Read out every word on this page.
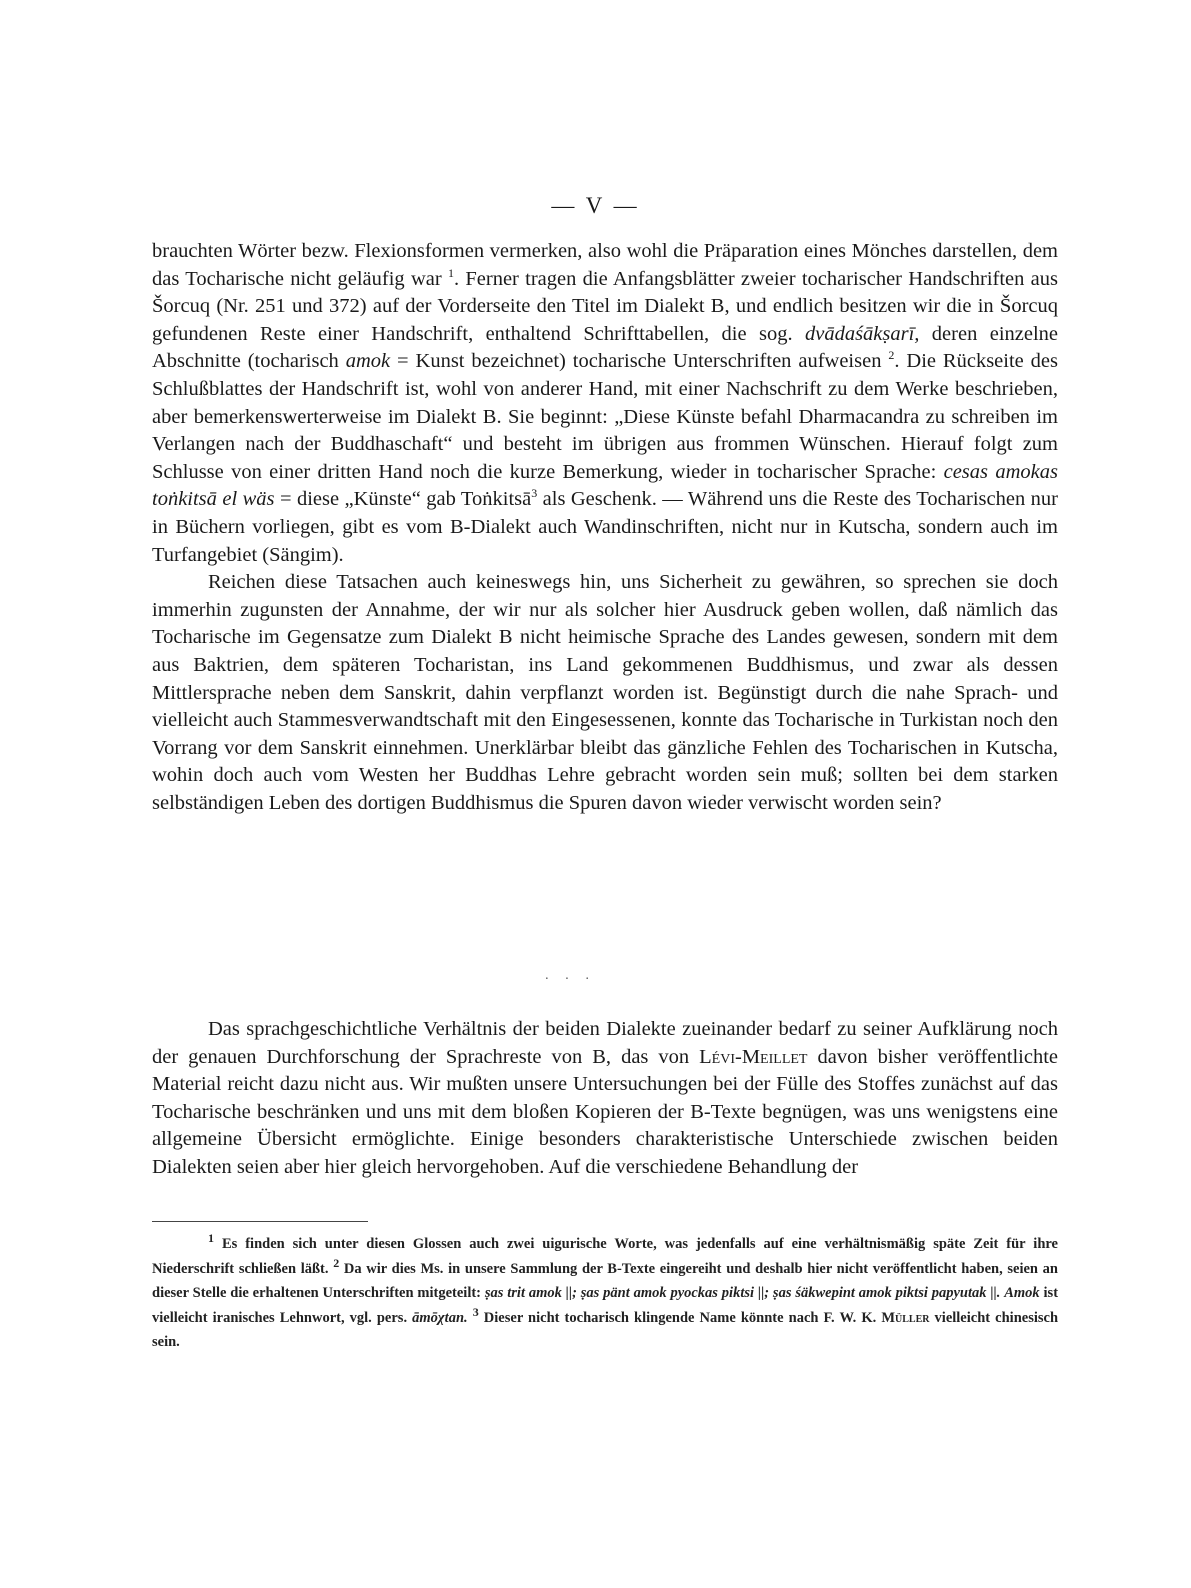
— V —

brauchten Wörter bezw. Flexionsformen vermerken, also wohl die Präparation eines Mönches darstellen, dem das Tocharische nicht geläufig war $^1$. Ferner tragen die Anfangsblätter zweier tocharischer Handschriften aus Šorcuq (Nr. 251 und 372) auf der Vorderseite den Titel im Dialekt B, und endlich besitzen wir die in Šorcuq gefundenen Reste einer Handschrift, enthaltend Schrifttabellen, die sog. dvādaśākṣarī, deren einzelne Abschnitte (tocharisch amok = Kunst bezeichnet) tocharische Unterschriften aufweisen $^2$. Die Rückseite des Schlußblattes der Handschrift ist, wohl von anderer Hand, mit einer Nachschrift zu dem Werke beschrieben, aber bemerkenswerterweise im Dialekt B. Sie beginnt: „Diese Künste befahl Dharmacandra zu schreiben im Verlangen nach der Buddhaschaft“ und besteht im übrigen aus frommen Wünschen. Hierauf folgt zum Schlusse von einer dritten Hand noch die kurze Bemerkung, wieder in tocharischer Sprache: cesas amokas toṅkitsā el wäs = diese „Künste“ gab Toṅkitsā$^3$ als Geschenk. — Während uns die Reste des Tocharischen nur in Büchern vorliegen, gibt es vom B-Dialekt auch Wandinschriften, nicht nur in Kutscha, sondern auch im Turfangebiet (Sängim).

Reichen diese Tatsachen auch keineswegs hin, uns Sicherheit zu gewähren, so sprechen sie doch immerhin zugunsten der Annahme, der wir nur als solcher hier Ausdruck geben wollen, daß nämlich das Tocharische im Gegensatze zum Dialekt B nicht heimische Sprache des Landes gewesen, sondern mit dem aus Baktrien, dem späteren Tocharistan, ins Land gekommenen Buddhismus, und zwar als dessen Mittlersprache neben dem Sanskrit, dahin verpflanzt worden ist. Begünstigt durch die nahe Sprach- und vielleicht auch Stammesverwandtschaft mit den Eingesessenen, konnte das Tocharische in Turkistan noch den Vorrang vor dem Sanskrit einnehmen. Unerklärbar bleibt das gänzliche Fehlen des Tocharischen in Kutscha, wohin doch auch vom Westen her Buddhas Lehre gebracht worden sein muß; sollten bei dem starken selbständigen Leben des dortigen Buddhismus die Spuren davon wieder verwischt worden sein?

· · ·

Das sprachgeschichtliche Verhältnis der beiden Dialekte zueinander bedarf zu seiner Aufklärung noch der genauen Durchforschung der Sprachreste von B, das von Lévi-Meillet davon bisher veröffentlichte Material reicht dazu nicht aus. Wir mußten unsere Untersuchungen bei der Fülle des Stoffes zunächst auf das Tocharische beschränken und uns mit dem bloßen Kopieren der B-Texte begnügen, was uns wenigstens eine allgemeine Übersicht ermöglichte. Einige besonders charakteristische Unterschiede zwischen beiden Dialekten seien aber hier gleich hervorgehoben. Auf die verschiedene Behandlung der

$^1$ Es finden sich unter diesen Glossen auch zwei uigurische Worte, was jedenfalls auf eine verhältnismäßig späte Zeit für ihre Niederschrift schließen läßt. $^2$ Da wir dies Ms. in unsere Sammlung der B-Texte eingereiht und deshalb hier nicht veröffentlicht haben, seien an dieser Stelle die erhaltenen Unterschriften mitgeteilt: ṣas trit amok ||; ṣas pänt amok pyockas piktsi ||; ṣas śäkwepint amok piktsi papyutak ||. Amok ist vielleicht iranisches Lehnwort, vgl. pers. āmōχtan. $^3$ Dieser nicht tocharisch klingende Name könnte nach F. W. K. Müller vielleicht chinesisch sein.
